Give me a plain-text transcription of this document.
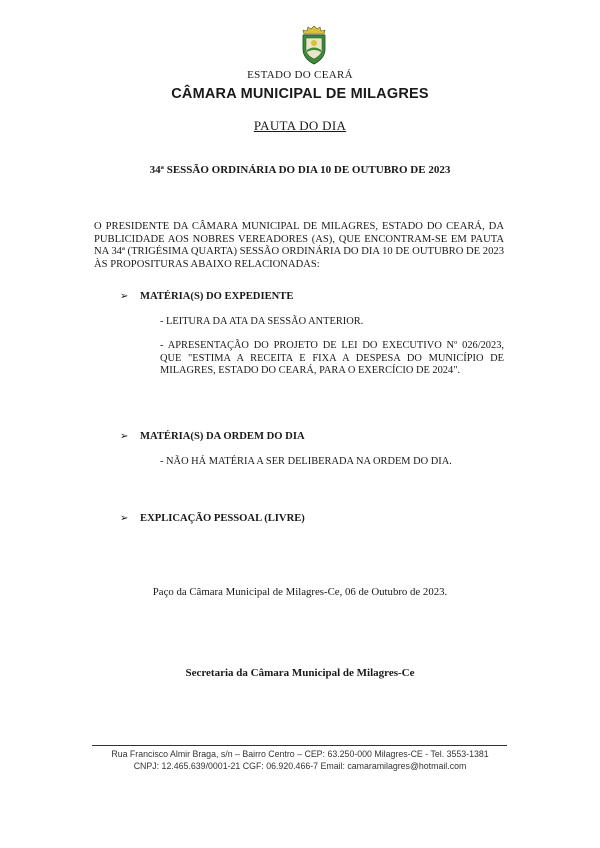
ESTADO DO CEARÁ
CÂMARA MUNICIPAL DE MILAGRES
PAUTA DO DIA
34ª SESSÃO ORDINÁRIA DO DIA 10 DE OUTUBRO DE 2023
O PRESIDENTE DA CÂMARA MUNICIPAL DE MILAGRES, ESTADO DO CEARÁ, DA PUBLICIDADE AOS NOBRES VEREADORES (AS), QUE ENCONTRAM-SE EM PAUTA NA 34ª (TRIGÉSIMA QUARTA) SESSÃO ORDINÁRIA DO DIA 10 DE OUTUBRO DE 2023 ÀS PROPOSITURAS ABAIXO RELACIONADAS:
➢ MATÉRIA(S) DO EXPEDIENTE
- LEITURA DA ATA DA SESSÃO ANTERIOR.
- APRESENTAÇÃO DO PROJETO DE LEI DO EXECUTIVO Nº 026/2023, QUE "ESTIMA A RECEITA E FIXA A DESPESA DO MUNICÍPIO DE MILAGRES, ESTADO DO CEARÁ, PARA O EXERCÍCIO DE 2024".
➢ MATÉRIA(S) DA ORDEM DO DIA
- NÃO HÁ MATÉRIA A SER DELIBERADA NA ORDEM DO DIA.
➢ EXPLICAÇÃO PESSOAL (LIVRE)
Paço da Câmara Municipal de Milagres-Ce, 06 de Outubro de 2023.
Secretaria da Câmara Municipal de Milagres-Ce
Rua Francisco Almir Braga, s/n – Bairro Centro – CEP: 63.250-000 Milagres-CE - Tel. 3553-1381
CNPJ: 12.465.639/0001-21 CGF: 06.920.466-7 Email: camaramilagres@hotmail.com
